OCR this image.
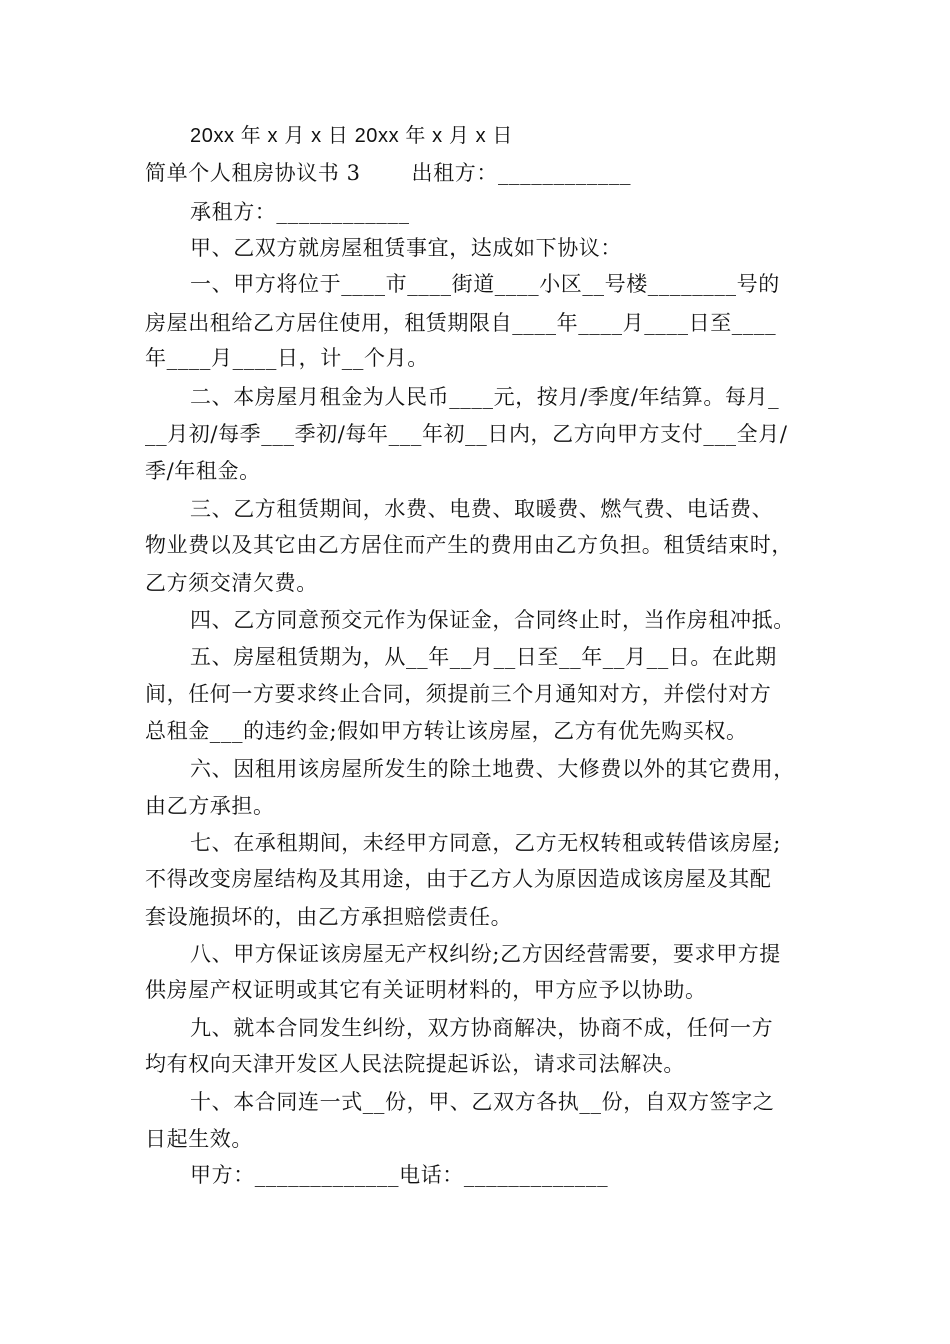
20xx 年 x 月 x 日 20xx 年 x 月 x 日
简单个人租房协议书 3       出租方：____________
承租方：____________
甲、乙双方就房屋租赁事宜，达成如下协议：
一、甲方将位于____市____街道____小区__号楼________号的
房屋出租给乙方居住使用，租赁期限自____年____月____日至____
年____月____日，计__个月。
二、本房屋月租金为人民币____元，按月/季度/年结算。每月_
__月初/每季___季初/每年___年初__日内，乙方向甲方支付___全月/
季/年租金。
三、乙方租赁期间，水费、电费、取暖费、燃气费、电话费、
物业费以及其它由乙方居住而产生的费用由乙方负担。租赁结束时，
乙方须交清欠费。
四、乙方同意预交元作为保证金，合同终止时，当作房租冲抵。
五、房屋租赁期为，从__年__月__日至__年__月__日。在此期
间，任何一方要求终止合同，须提前三个月通知对方，并偿付对方
总租金___的违约金;假如甲方转让该房屋，乙方有优先购买权。
六、因租用该房屋所发生的除土地费、大修费以外的其它费用，
由乙方承担。
七、在承租期间，未经甲方同意，乙方无权转租或转借该房屋;
不得改变房屋结构及其用途，由于乙方人为原因造成该房屋及其配
套设施损坏的，由乙方承担赔偿责任。
八、甲方保证该房屋无产权纠纷;乙方因经营需要，要求甲方提
供房屋产权证明或其它有关证明材料的，甲方应予以协助。
九、就本合同发生纠纷，双方协商解决，协商不成，任何一方
均有权向天津开发区人民法院提起诉讼，请求司法解决。
十、本合同连一式__份，甲、乙双方各执__份，自双方签字之
日起生效。
甲方：_____________电话：_____________
